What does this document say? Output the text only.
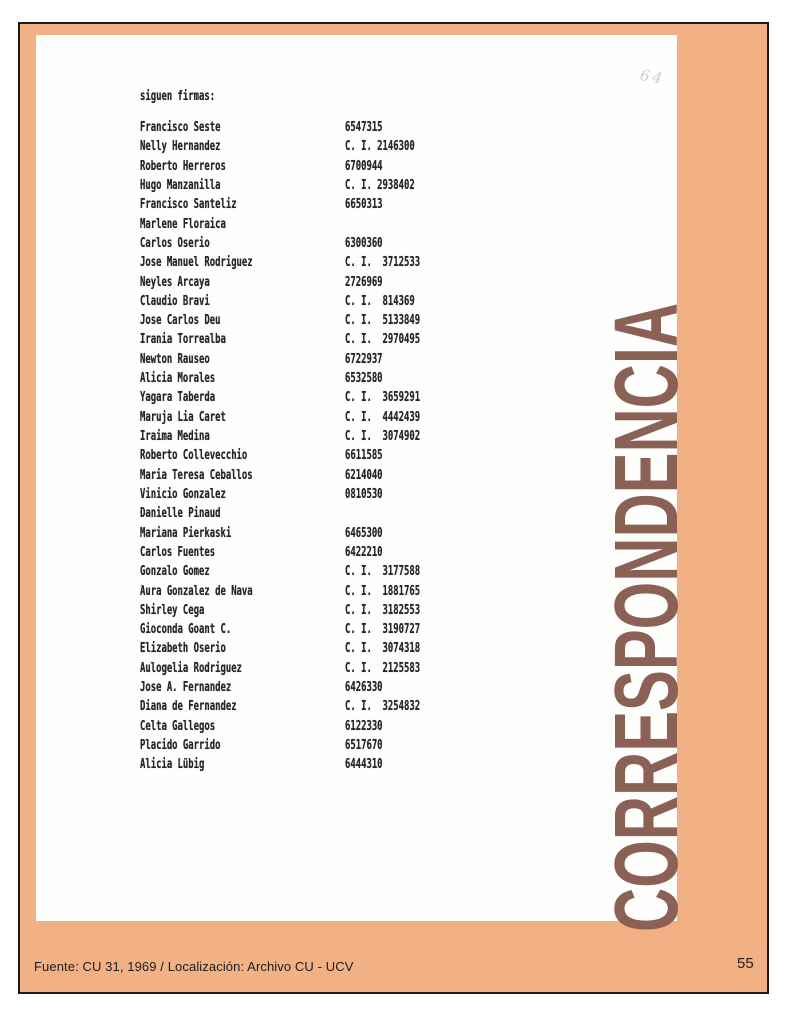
64
siguen firmas:
Francisco Seste	6547315
Nelly Hernandez	C. I. 2146300
Roberto Herreros	6700944
Hugo Manzanilla	C. I. 2938402
Francisco Santeliz	6650313
Marlene Floraica
Carlos Oserio	6300360
Jose Manuel Rodriguez	C. I.  3712533
Neyles Arcaya	2726969
Claudio Bravi	C. I.  814369
Jose Carlos Deu	C. I.  5133849
Irania Torrealba	C. I.  2970495
Newton Rauseo	6722937
Alicia Morales	6532580
Yagara Taberda	C. I.  3659291
Maruja Lia Caret	C. I.  4442439
Iraima Medina	C. I.  3074902
Roberto Collevecchio	6611585
Maria Teresa Ceballos	6214040
Vinicio Gonzalez	0810530
Danielle Pinaud
Mariana Pierkaski	6465300
Carlos Fuentes	6422210
Gonzalo Gomez	C. I.  3177588
Aura Gonzalez de Nava	C. I.  1881765
Shirley Cega	C. I.  3182553
Gioconda Goant C.	C. I.  3190727
Elizabeth Oserio	C. I.  3074318
Aulogelia Rodriguez	C. I.  2125583
Jose A. Fernandez	6426330
Diana de Fernandez	C. I.  3254832
Celta Gallegos	6122330
Placido Garrido	6517670
Alicia Lübig	6444310 CORRESPONDENCIA
Fuente: CU 31, 1969 / Localización: Archivo CU - UCV	55
